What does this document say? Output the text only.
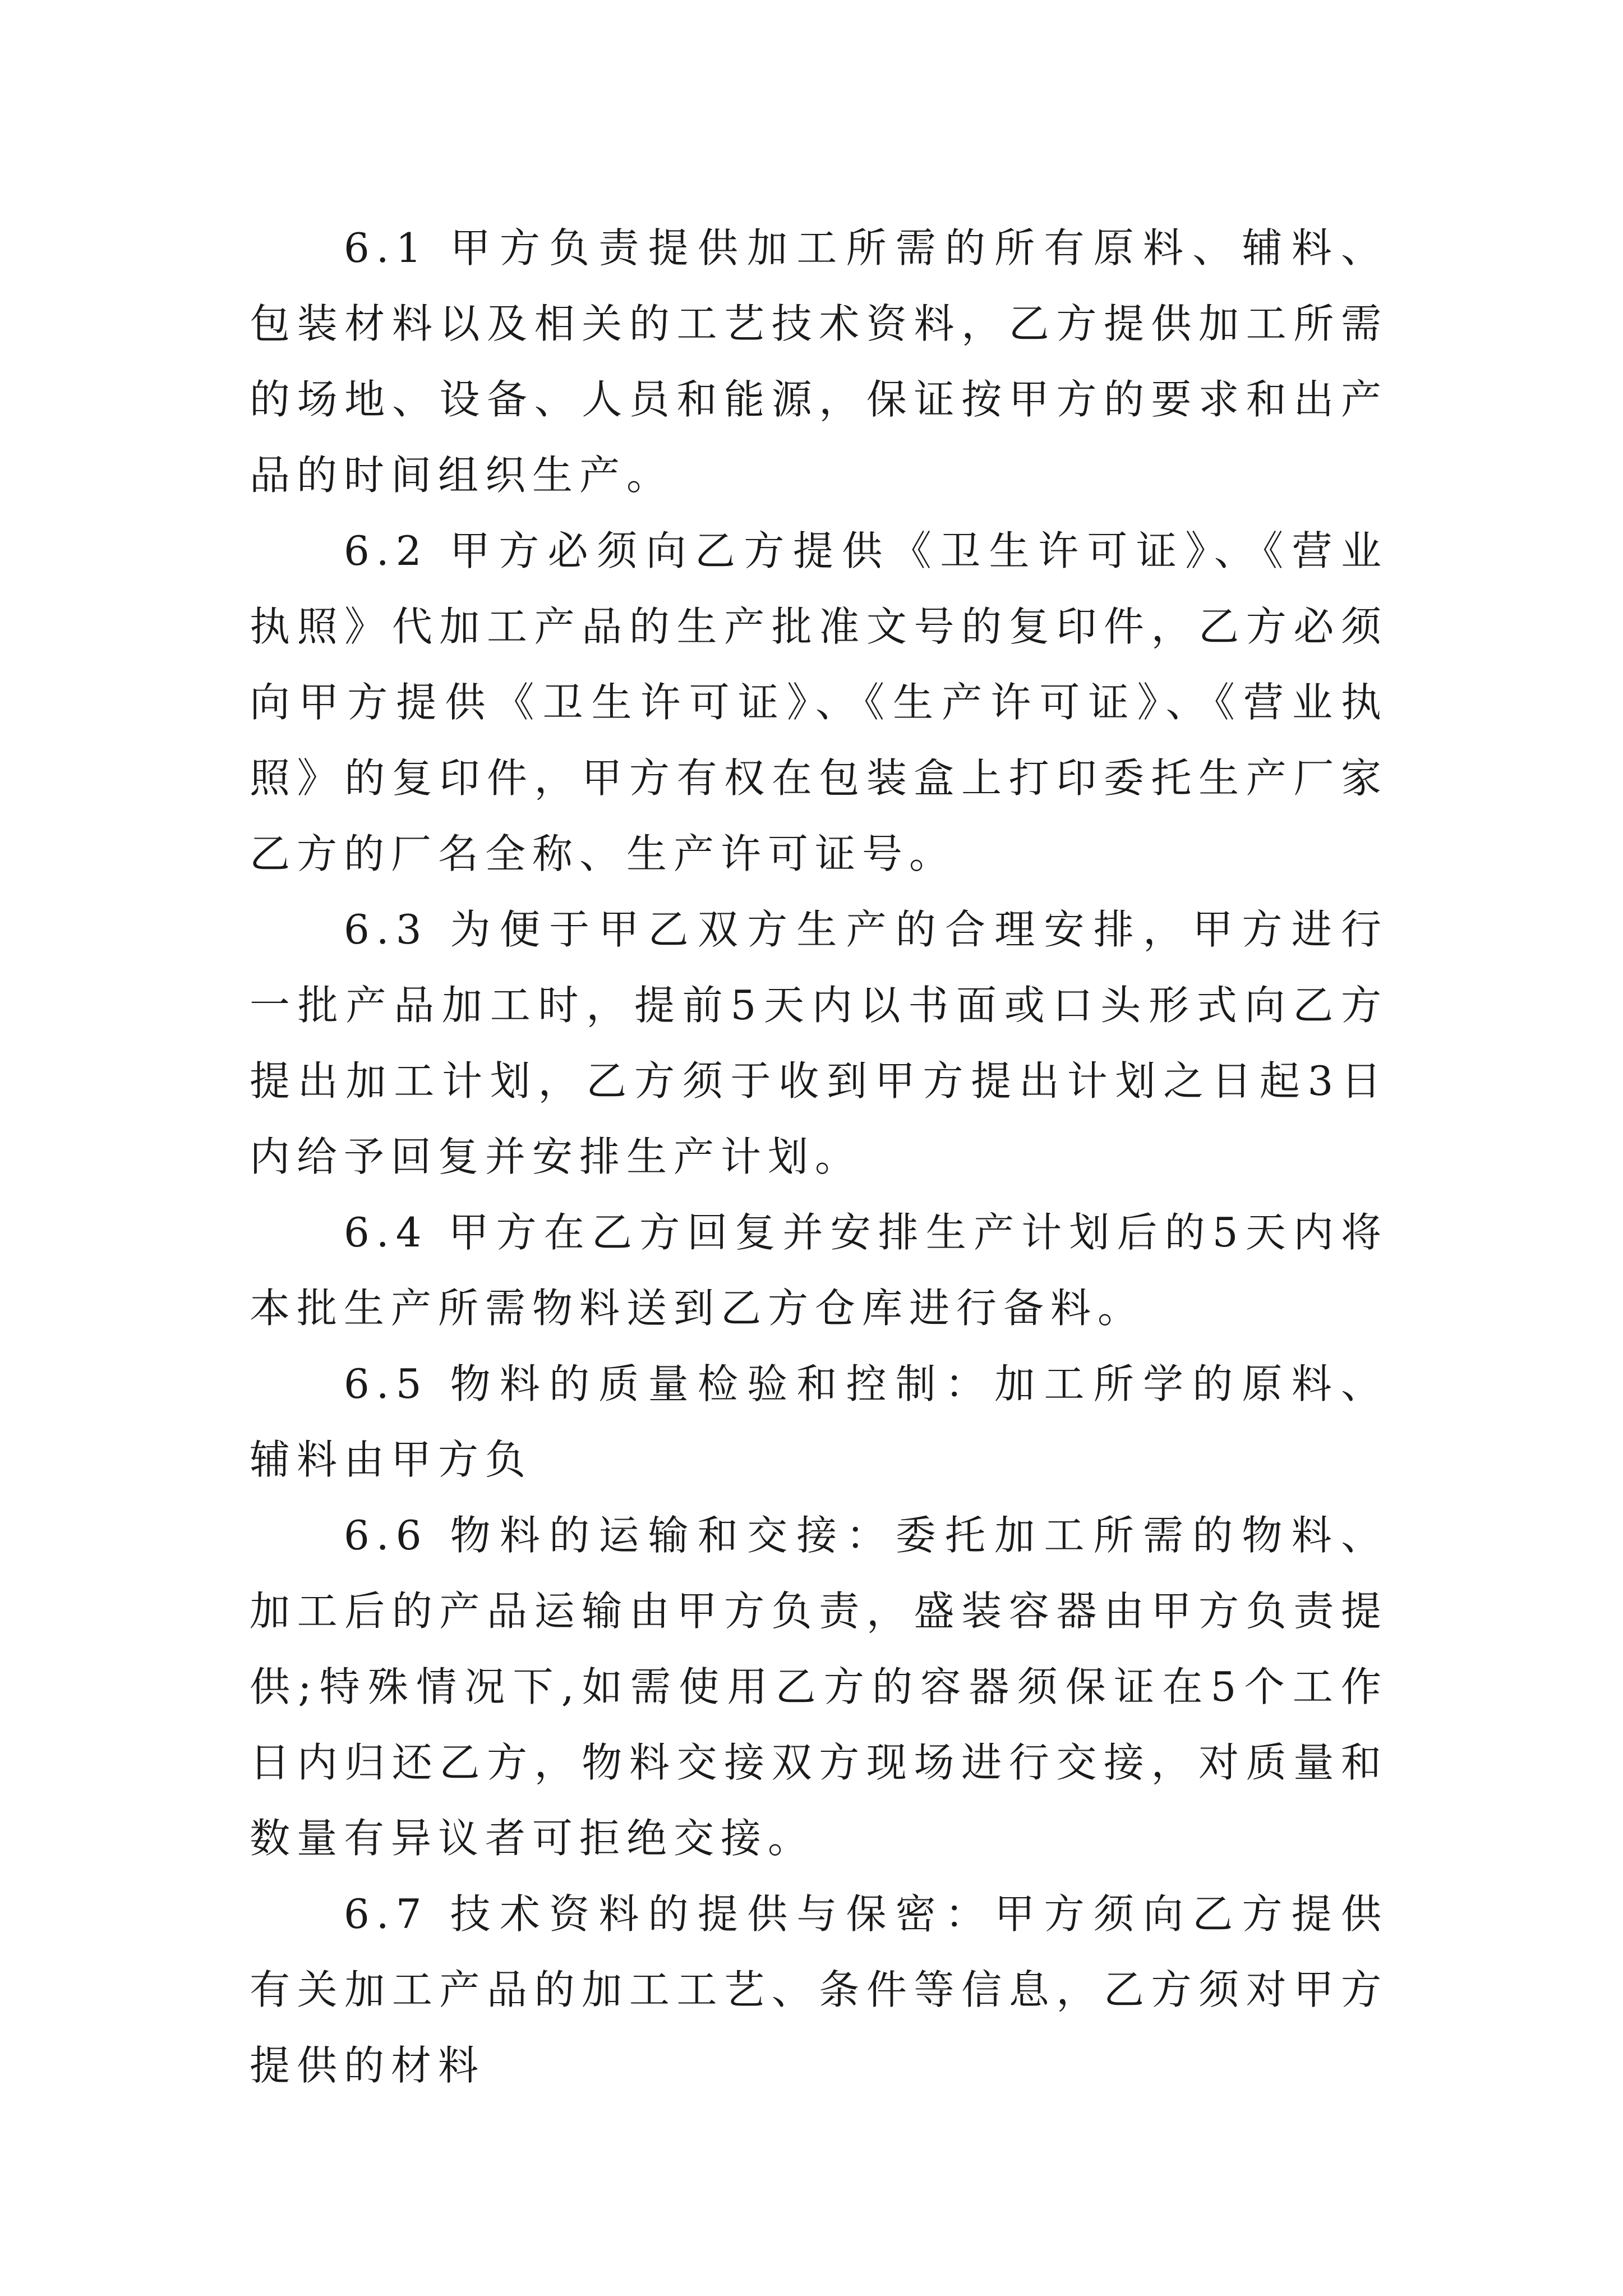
6.1 甲方负责提供加工所需的所有原料、辅料、包装材料以及相关的工艺技术资料，乙方提供加工所需的场地、设备、人员和能源，保证按甲方的要求和出产品的时间组织生产。

6.2 甲方必须向乙方提供《卫生许可证》、《营业执照》代加工产品的生产批准文号的复印件，乙方必须向甲方提供《卫生许可证》、《生产许可证》、《营业执照》的复印件，甲方有权在包装盒上打印委托生产厂家乙方的厂名全称、生产许可证号。

6.3 为便于甲乙双方生产的合理安排，甲方进行一批产品加工时，提前5天内以书面或口头形式向乙方提出加工计划，乙方须于收到甲方提出计划之日起3日内给予回复并安排生产计划。

6.4 甲方在乙方回复并安排生产计划后的5天内将本批生产所需物料送到乙方仓库进行备料。

6.5 物料的质量检验和控制：加工所学的原料、辅料由甲方负

6.6 物料的运输和交接：委托加工所需的物料、加工后的产品运输由甲方负责，盛装容器由甲方负责提供;特殊情况下,如需使用乙方的容器须保证在5个工作日内归还乙方，物料交接双方现场进行交接，对质量和数量有异议者可拒绝交接。

6.7 技术资料的提供与保密：甲方须向乙方提供有关加工产品的加工工艺、条件等信息，乙方须对甲方提供的材料
